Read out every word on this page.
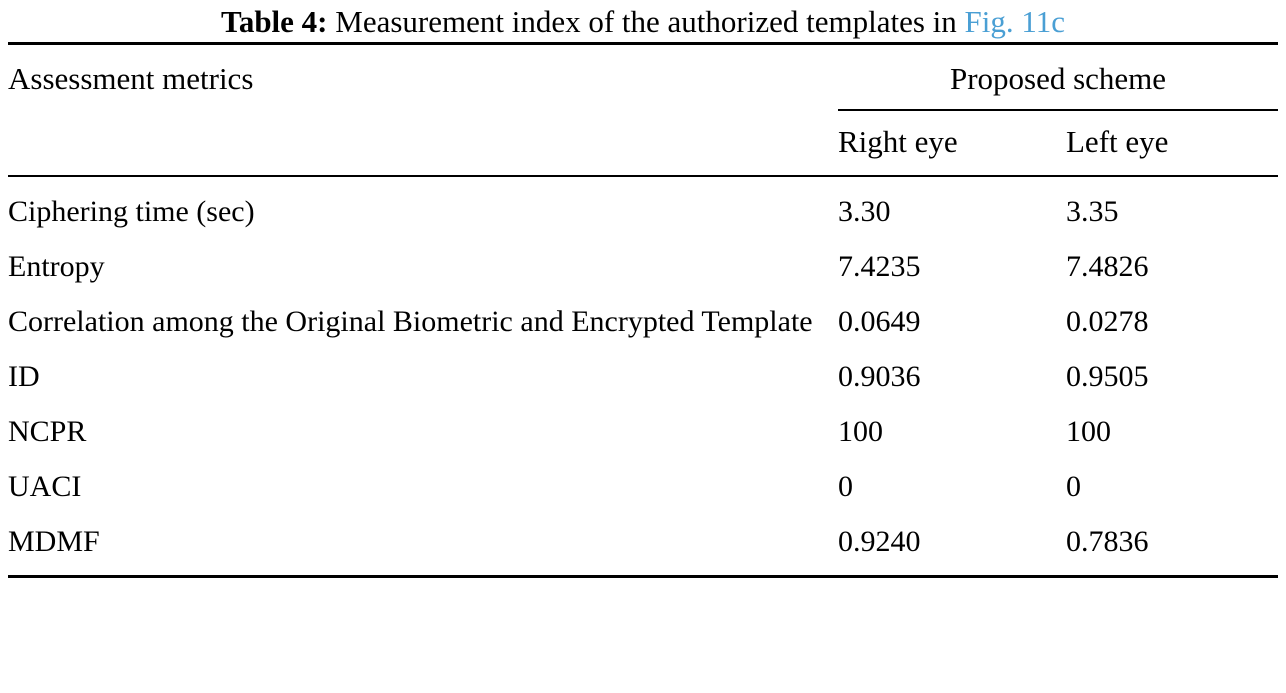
Table 4: Measurement index of the authorized templates in Fig. 11c
Assessment metrics	Proposed scheme	
	Right eye	Left eye
Ciphering time (sec)	3.30	3.35
Entropy	7.4235	7.4826
Correlation among the Original Biometric and Encrypted Template	0.0649	0.0278
ID	0.9036	0.9505
NCPR	100	100
UACI	0	0
MDMF	0.9240	0.7836
